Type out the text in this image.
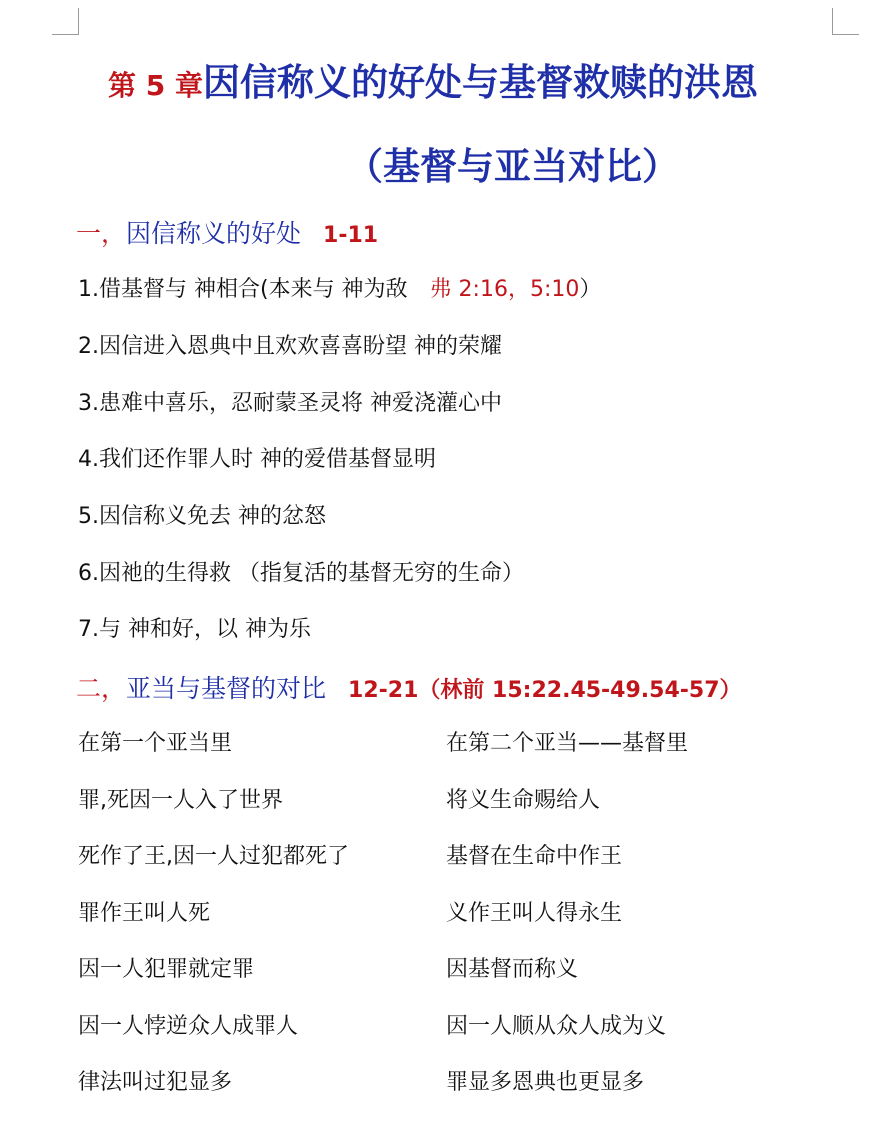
第 5 章因信称义的好处与基督救赎的洪恩
（基督与亚当对比）
一，因信称义的好处 1-11
1.借基督与 神相合(本来与 神为敌 弗 2:16，5:10）
2.因信进入恩典中且欢欢喜喜盼望 神的荣耀
3.患难中喜乐，忍耐蒙圣灵将 神爱浇灌心中
4.我们还作罪人时 神的爱借基督显明
5.因信称义免去 神的忿怒
6.因祂的生得救 （指复活的基督无穷的生命）
7.与 神和好，以 神为乐
二，亚当与基督的对比 12-21（林前 15:22.45-49.54-57）
在第一个亚当里	在第二个亚当——基督里
罪,死因一人入了世界	将义生命赐给人
死作了王,因一人过犯都死了	基督在生命中作王
罪作王叫人死	义作王叫人得永生
因一人犯罪就定罪	因基督而称义
因一人悖逆众人成罪人	因一人顺从众人成为义
律法叫过犯显多	罪显多恩典也更显多
